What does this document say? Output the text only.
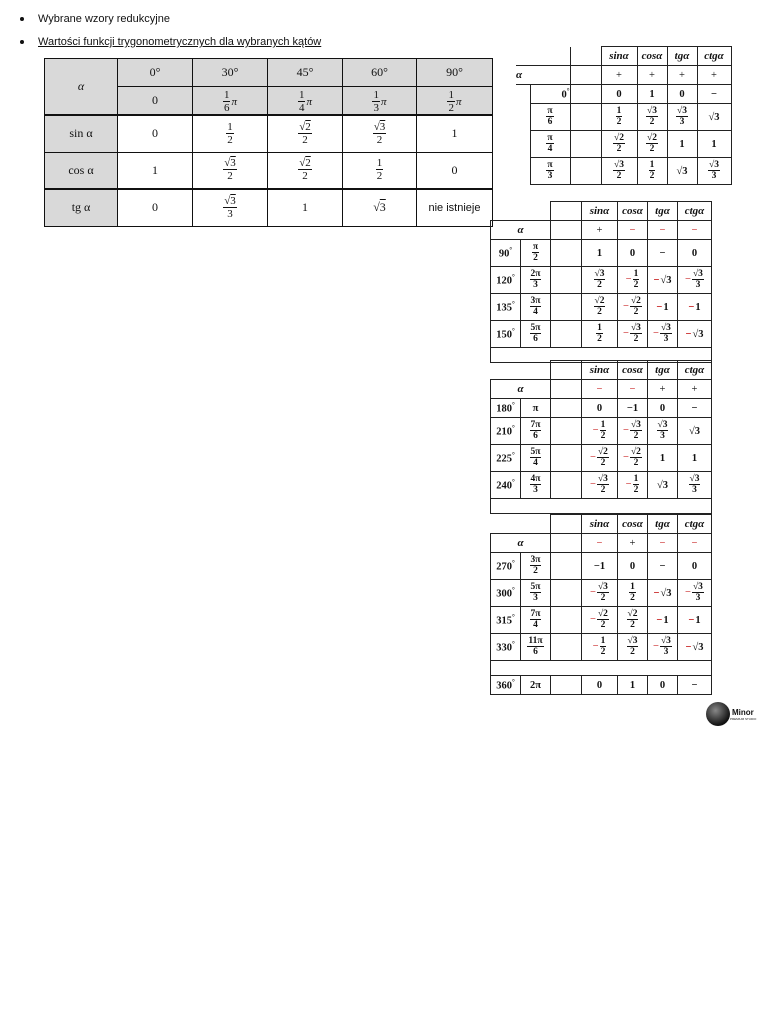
Wybrane wzory redukcyjne
Wartości funkcji trygonometrycznych dla wybranych kątów
α	0°	30°	45°	60°	90°
	0	$\frac{1}{6}$ π	$\frac{1}{4}$ π	$\frac{1}{3}$ π	$\frac{1}{2}$ π

sin α	0	$\frac{1}{2}$	$\frac{√2}{2}$	$\frac{√3}{2}$	1
cos α	1	$\frac{√3}{2}$	$\frac{√2}{2}$	$\frac{1}{2}$	0
tg α	0	$\frac{√3}{3}$	1	√3	nie istnieje
			sinα	cosα	tgα	ctgα
α			+	+	+	+
	0°		0	1	0	−

	$\frac{\pi}{6}$		$\frac{1}{2}$	$\frac{√3}{2}$	$\frac{√3}{3}$	√3

	$\frac{\pi}{4}$		$\frac{√2}{2}$	$\frac{√2}{2}$	1	1

	$\frac{\pi}{3}$		$\frac{√3}{2}$	$\frac{1}{2}$	√3	$\frac{√3}{3}$
			sinα	cosα	tgα	ctgα
α			+	−	−	−
90°	$\frac{\pi}{2}$		1	0	−	0
120°	$\frac{2\pi}{3}$		$\frac{√3}{2}$	− $\frac{1}{2}$	−√3	− $\frac{√3}{3}$

135°	$\frac{3\pi}{4}$		$\frac{√2}{2}$	− $\frac{√2}{2}$	−1	−1
150°	$\frac{5\pi}{6}$		$\frac{1}{2}$	− $\frac{√3}{2}$	− $\frac{√3}{3}$	−√3

			sinα	cosα	tgα	ctgα
α			−	−	+	+
180°	π		0	−1	0	−
210°	$\frac{7\pi}{6}$		− $\frac{1}{2}$	− $\frac{√3}{2}$	$\frac{√3}{3}$	√3
225°	$\frac{5\pi}{4}$		− $\frac{√2}{2}$	− $\frac{√2}{2}$	1	1
240°	$\frac{4\pi}{3}$		− $\frac{√3}{2}$	− $\frac{1}{2}$	√3	$\frac{√3}{3}$

			sinα	cosα	tgα	ctgα
α			−	+	−	−
270°	$\frac{3\pi}{2}$		−1	0	−	0
300°	$\frac{5\pi}{3}$		− $\frac{√3}{2}$	$\frac{1}{2}$	−√3	− $\frac{√3}{3}$

315°	$\frac{7\pi}{4}$		− $\frac{√2}{2}$	$\frac{√2}{2}$	−1	−1
330°	$\frac{11\pi}{6}$		− $\frac{1}{2}$	$\frac{√3}{2}$	− $\frac{√3}{3}$	−√3

360°	2π		0	1	0	−
Minor
PREMIUM STUDIO
